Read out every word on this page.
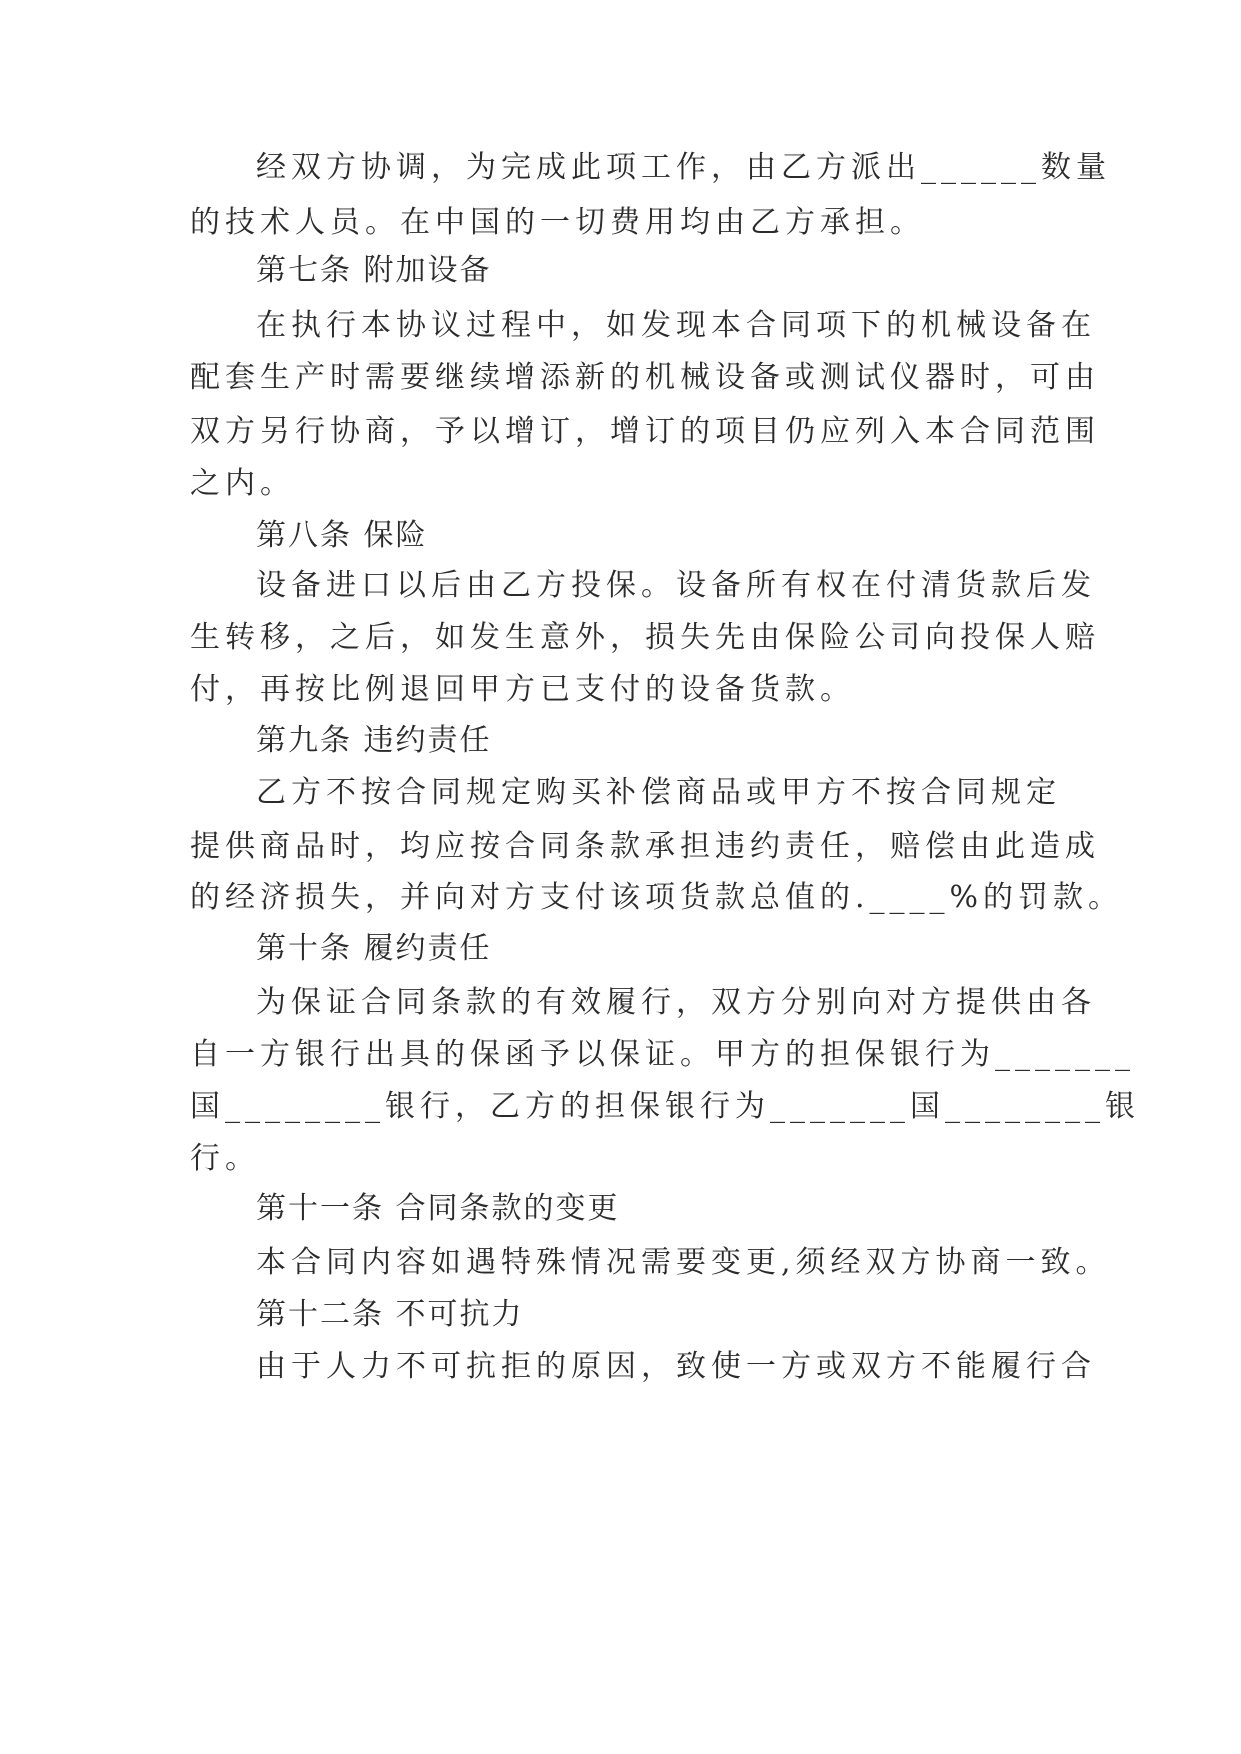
经双方协调，为完成此项工作，由乙方派出______数量

的技术人员。在中国的一切费用均由乙方承担。

第七条 附加设备

在执行本协议过程中，如发现本合同项下的机械设备在

配套生产时需要继续增添新的机械设备或测试仪器时，可由

双方另行协商，予以增订，增订的项目仍应列入本合同范围

之内。

第八条 保险

设备进口以后由乙方投保。设备所有权在付清货款后发

生转移，之后，如发生意外，损失先由保险公司向投保人赔

付，再按比例退回甲方已支付的设备货款。

第九条 违约责任

乙方不按合同规定购买补偿商品或甲方不按合同规定

提供商品时，均应按合同条款承担违约责任，赔偿由此造成

的经济损失，并向对方支付该项货款总值的.____%的罚款。

第十条 履约责任

为保证合同条款的有效履行，双方分别向对方提供由各

自一方银行出具的保函予以保证。甲方的担保银行为_______

国________银行，乙方的担保银行为_______国________银

行。

第十一条 合同条款的变更

本合同内容如遇特殊情况需要变更,须经双方协商一致。

第十二条 不可抗力

由于人力不可抗拒的原因，致使一方或双方不能履行合
